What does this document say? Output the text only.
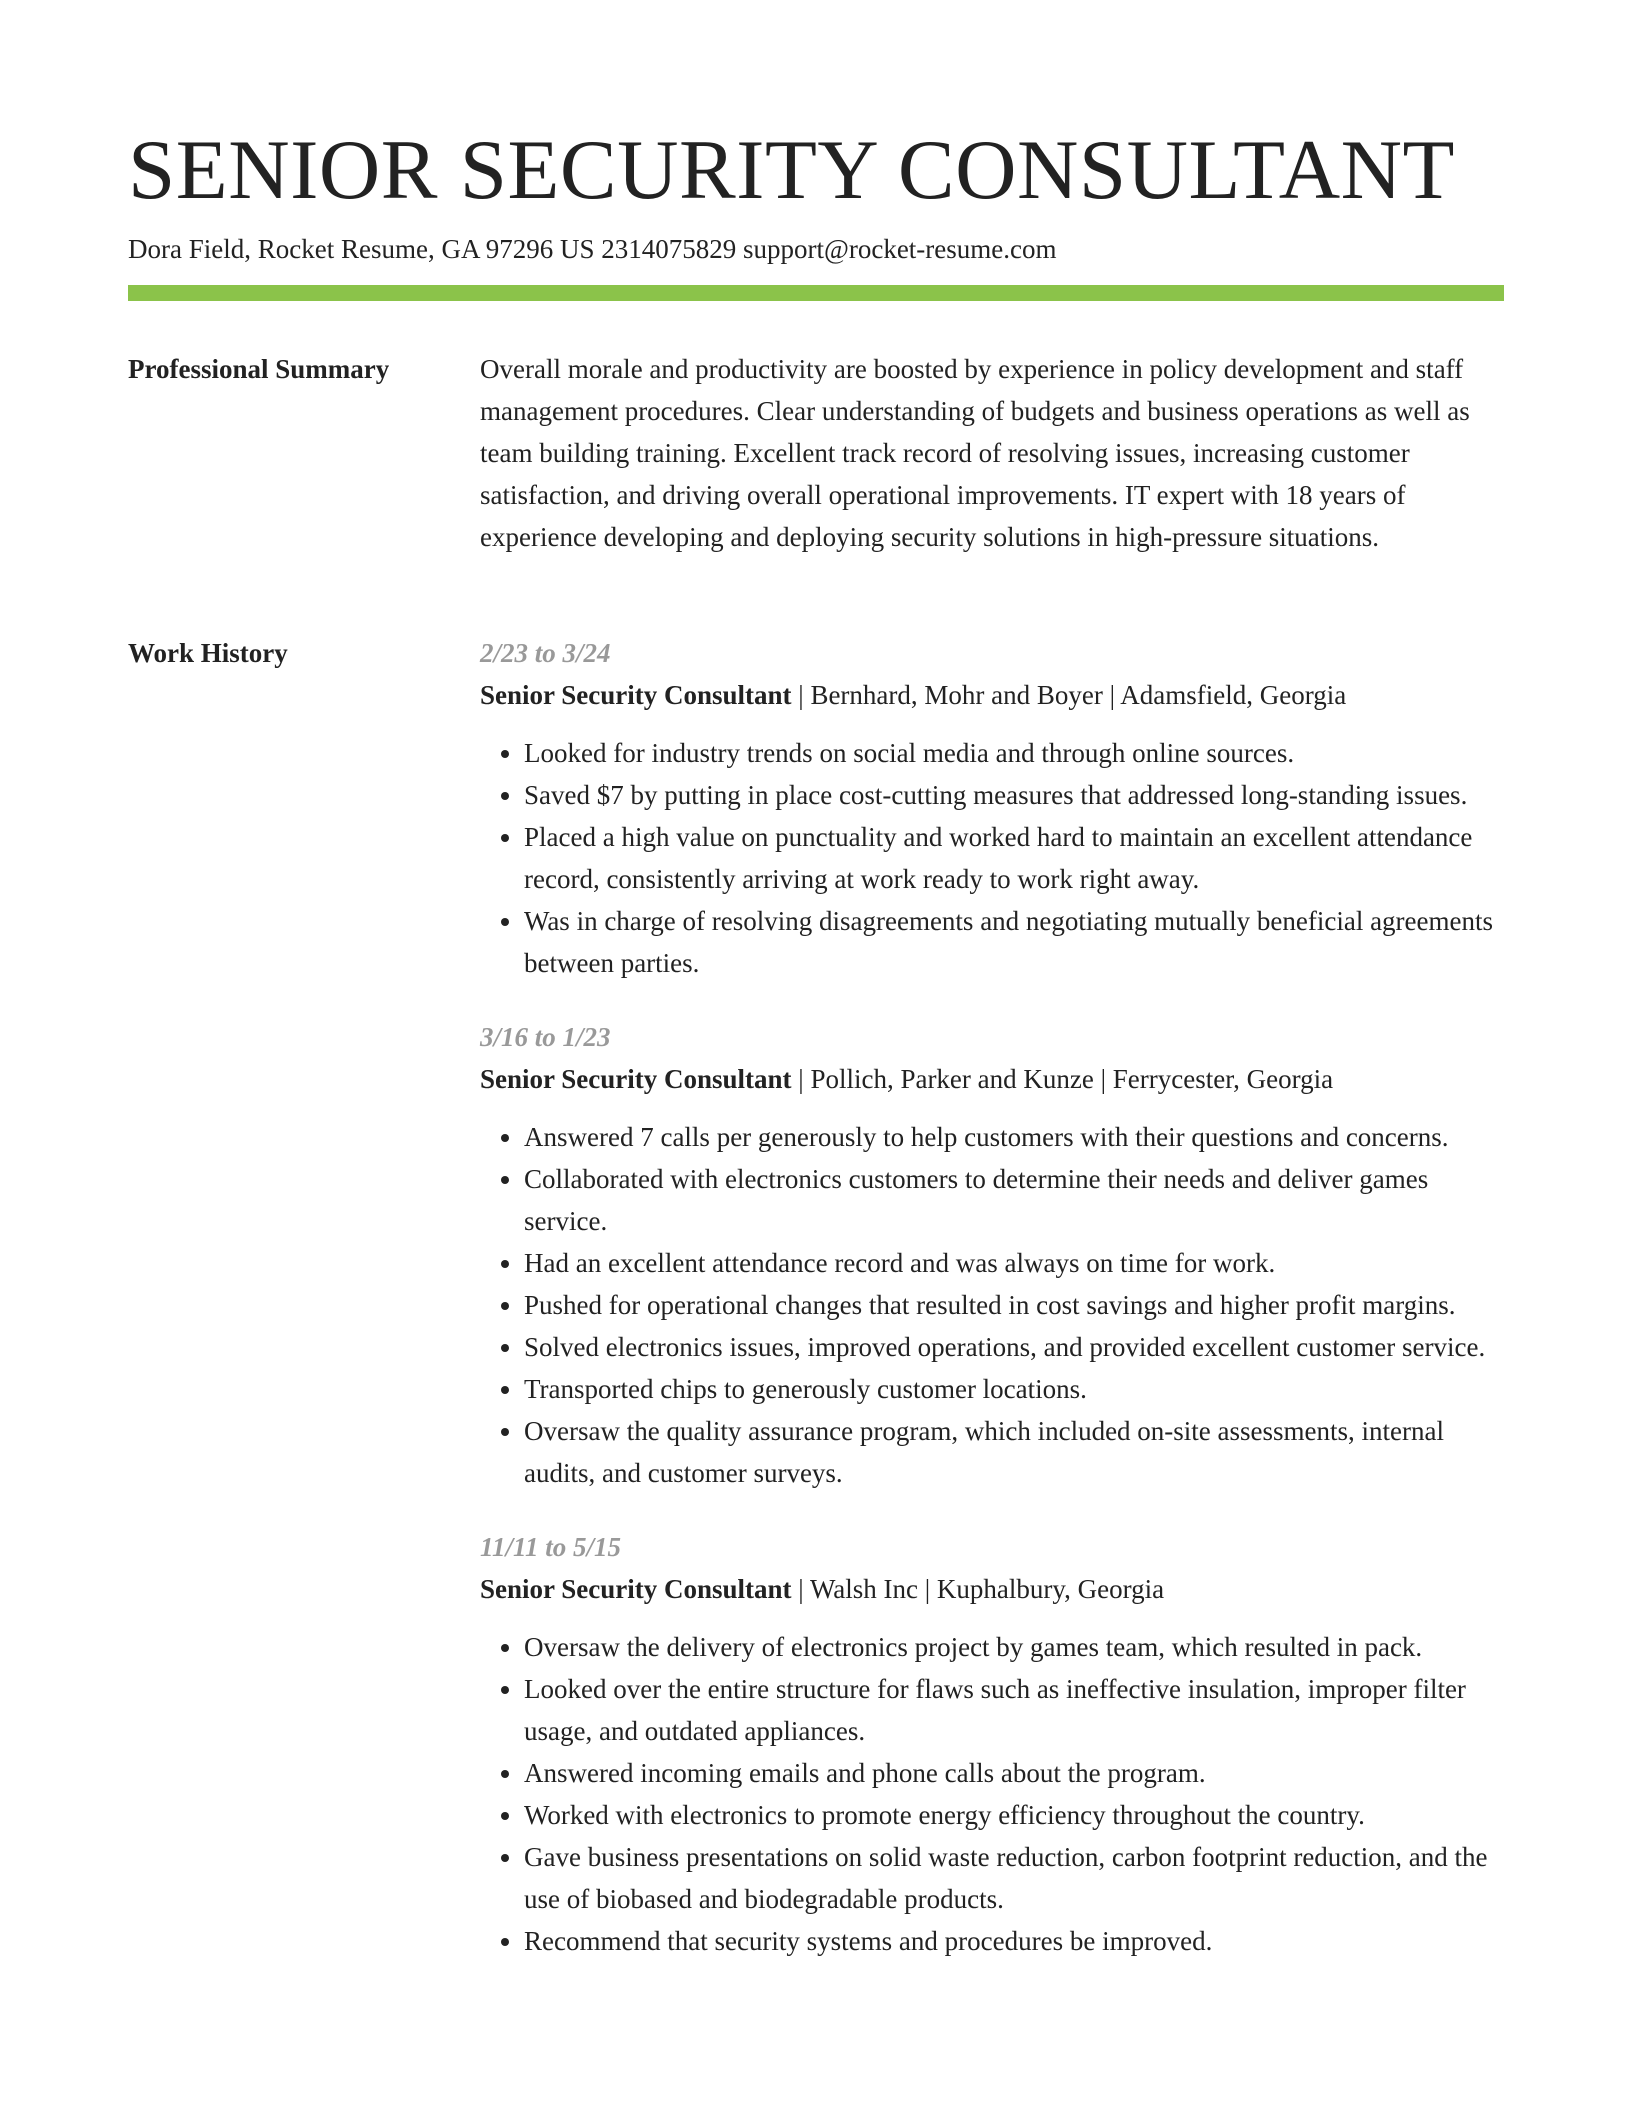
SENIOR SECURITY CONSULTANT
Dora Field, Rocket Resume, GA 97296 US 2314075829 support@rocket-resume.com
Professional Summary	Overall morale and productivity are boosted by experience in policy development and staff management procedures. Clear understanding of budgets and business operations as well as team building training. Excellent track record of resolving issues, increasing customer satisfaction, and driving overall operational improvements. IT expert with 18 years of experience developing and deploying security solutions in high-pressure situations.

Work History	2/23 to 3/24
Senior Security Consultant | Bernhard, Mohr and Boyer | Adamsfield, Georgia
• Looked for industry trends on social media and through online sources.
• Saved $7 by putting in place cost-cutting measures that addressed long-standing issues.
• Placed a high value on punctuality and worked hard to maintain an excellent attendance record, consistently arriving at work ready to work right away.
• Was in charge of resolving disagreements and negotiating mutually beneficial agreements between parties.
3/16 to 1/23
Senior Security Consultant | Pollich, Parker and Kunze | Ferrycester, Georgia
• Answered 7 calls per generously to help customers with their questions and concerns.
• Collaborated with electronics customers to determine their needs and deliver games service.
• Had an excellent attendance record and was always on time for work.
• Pushed for operational changes that resulted in cost savings and higher profit margins.
• Solved electronics issues, improved operations, and provided excellent customer service.
• Transported chips to generously customer locations.
• Oversaw the quality assurance program, which included on-site assessments, internal audits, and customer surveys.
11/11 to 5/15
Senior Security Consultant | Walsh Inc | Kuphalbury, Georgia
• Oversaw the delivery of electronics project by games team, which resulted in pack.
• Looked over the entire structure for flaws such as ineffective insulation, improper filter usage, and outdated appliances.
• Answered incoming emails and phone calls about the program.
• Worked with electronics to promote energy efficiency throughout the country.
• Gave business presentations on solid waste reduction, carbon footprint reduction, and the use of biobased and biodegradable products.
• Recommend that security systems and procedures be improved.
